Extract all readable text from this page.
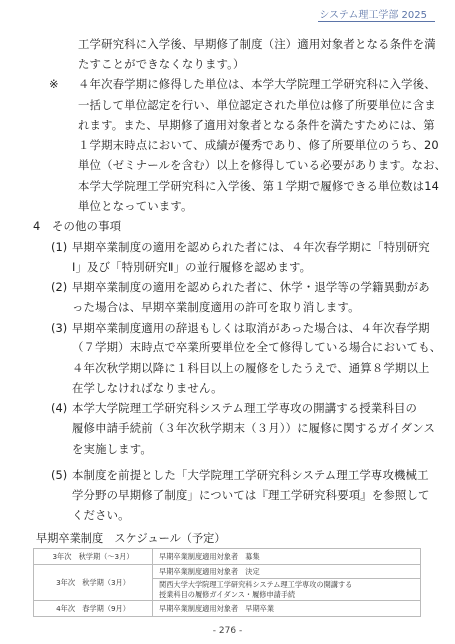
システム理工学部 2025
工学研究科に入学後、早期修了制度（注）適用対象者となる条件を満
たすことができなくなります。）
※ ４年次春学期に修得した単位は、本学大学院理工学研究科に入学後、
一括して単位認定を行い、単位認定された単位は修了所要単位に含ま
れます。また、早期修了適用対象者となる条件を満たすためには、第
１学期末時点において、成績が優秀であり、修了所要単位のうち、20
単位（ゼミナールを含む）以上を修得している必要があります。なお、
本学大学院理工学研究科に入学後、第１学期で履修できる単位数は14
単位となっています。
4　その他の事項
(1) 早期卒業制度の適用を認められた者には、４年次春学期に「特別研究
Ⅰ」及び「特別研究Ⅱ」の並行履修を認めます。
(2) 早期卒業制度の適用を認められた者に、休学・退学等の学籍異動があ
った場合は、早期卒業制度適用の許可を取り消します。
(3) 早期卒業制度適用の辞退もしくは取消があった場合は、４年次春学期
（７学期）末時点で卒業所要単位を全て修得している場合においても、
４年次秋学期以降に１科目以上の履修をしたうえで、通算８学期以上
在学しなければなりません。
(4) 本学大学院理工学研究科システム理工学専攻の開講する授業科目の
履修申請手続前（３年次秋学期末（３月））に履修に関するガイダンス
を実施します。
(5) 本制度を前提とした「大学院理工学研究科システム理工学専攻機械工
学分野の早期修了制度」については『理工学研究科要項』を参照して
ください。
早期卒業制度　スケジュール（予定）
3年次　秋学期（～3月）	早期卒業制度適用対象者　募集
3年次　秋学期（3月）	早期卒業制度適用対象者　決定

	関西大学大学院理工学研究科システム理工学専攻の開講する
授業科目の履修ガイダンス・履修申請手続

4年次　春学期（9月）	早期卒業制度適用対象者　早期卒業
- 276 -
